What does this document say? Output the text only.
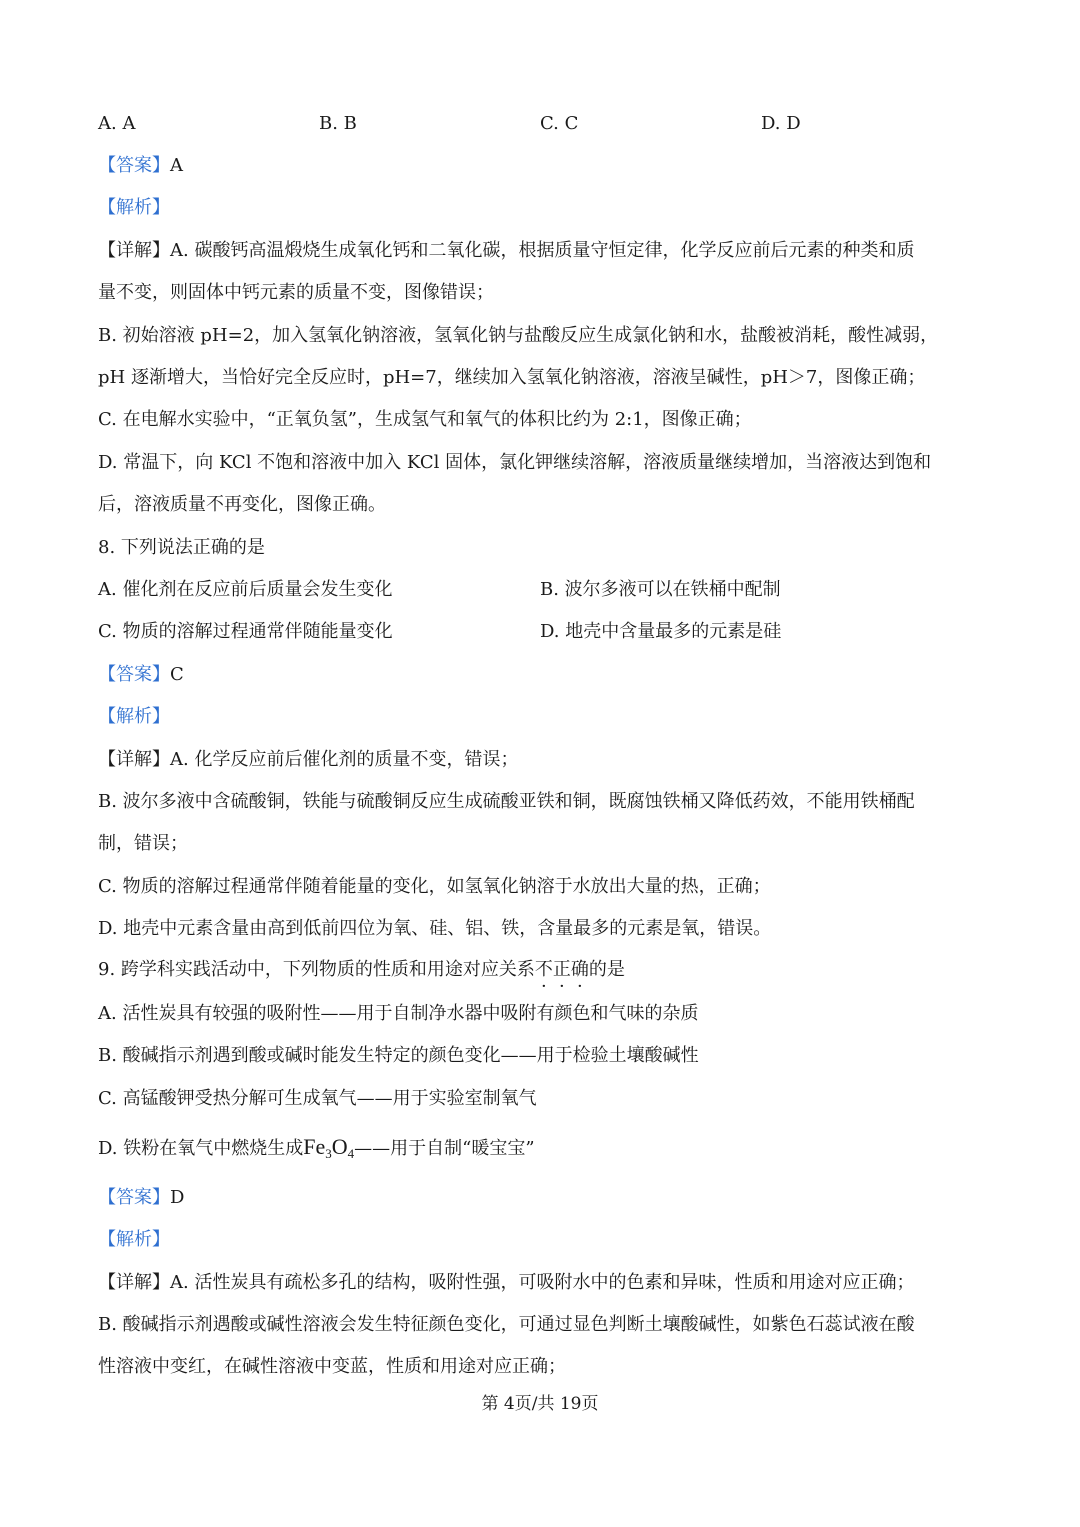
A. A	B. B	C. C	D. D
【答案】A
【解析】
【详解】A. 碳酸钙高温煅烧生成氧化钙和二氧化碳，根据质量守恒定律，化学反应前后元素的种类和质
量不变，则固体中钙元素的质量不变，图像错误；
B. 初始溶液 pH=2，加入氢氧化钠溶液，氢氧化钠与盐酸反应生成氯化钠和水，盐酸被消耗，酸性减弱，
pH 逐渐增大，当恰好完全反应时，pH=7，继续加入氢氧化钠溶液，溶液呈碱性，pH＞7，图像正确；
C. 在电解水实验中，“正氧负氢”，生成氢气和氧气的体积比约为 2:1，图像正确；
D. 常温下，向 KCl 不饱和溶液中加入 KCl 固体，氯化钾继续溶解，溶液质量继续增加，当溶液达到饱和
后，溶液质量不再变化，图像正确。
8. 下列说法正确的是
A. 催化剂在反应前后质量会发生变化	B. 波尔多液可以在铁桶中配制
C. 物质的溶解过程通常伴随能量变化	D. 地壳中含量最多的元素是硅
【答案】C
【解析】
【详解】A. 化学反应前后催化剂的质量不变，错误；
B. 波尔多液中含硫酸铜，铁能与硫酸铜反应生成硫酸亚铁和铜，既腐蚀铁桶又降低药效，不能用铁桶配
制，错误；
C. 物质的溶解过程通常伴随着能量的变化，如氢氧化钠溶于水放出大量的热，正确；
D. 地壳中元素含量由高到低前四位为氧、硅、铝、铁，含量最多的元素是氧，错误。
9. 跨学科实践活动中，下列物质的性质和用途对应关系不正确的是
A. 活性炭具有较强的吸附性——用于自制净水器中吸附有颜色和气味的杂质
B. 酸碱指示剂遇到酸或碱时能发生特定的颜色变化——用于检验土壤酸碱性
C. 高锰酸钾受热分解可生成氧气——用于实验室制氧气
D. 铁粉在氧气中燃烧生成$Fe_3O_4——$用于自制“暖宝宝”
【答案】D
【解析】
【详解】A. 活性炭具有疏松多孔的结构，吸附性强，可吸附水中的色素和异味，性质和用途对应正确；
B. 酸碱指示剂遇酸或碱性溶液会发生特征颜色变化，可通过显色判断土壤酸碱性，如紫色石蕊试液在酸
性溶液中变红，在碱性溶液中变蓝，性质和用途对应正确；
第 4页/共 19页
